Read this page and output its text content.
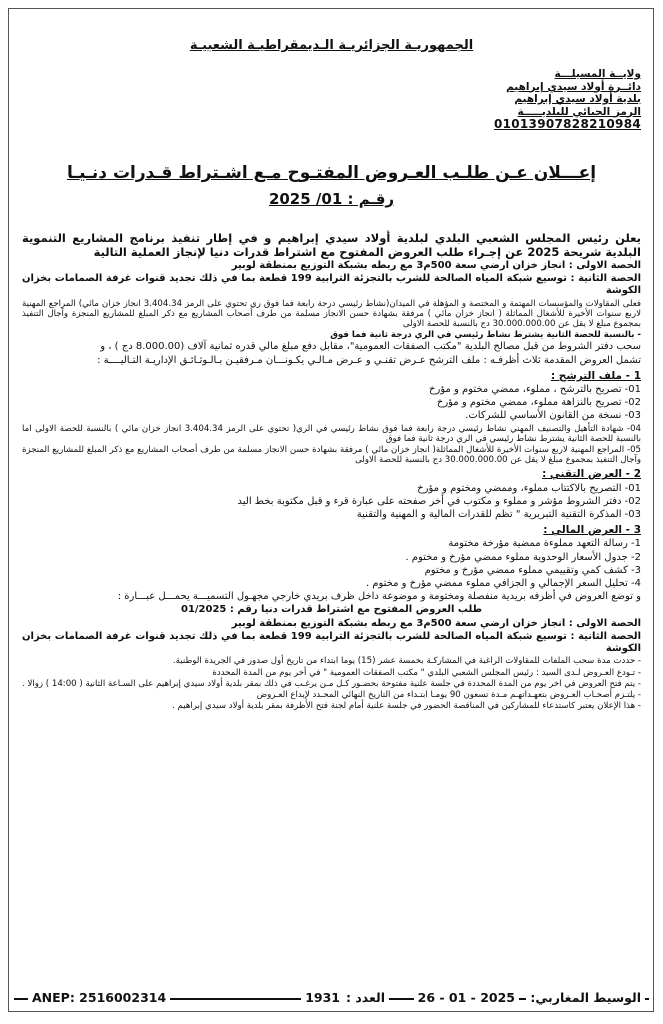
الجمهوريـة الجزائريـة الـديمقراطيـة الشعبيـة
ولايــة المسيلـــة
دائــرة أولاد سيدي إبراهيم
بلدية أولاد سيدي إبراهيم
الرمز الجبائي للبلديـــــة
01013907828210984
إعـــلان عـن طلـب العـروض المفتـوح مـع اشـتراط قـدرات دنـيـا
رقـم : 01/ 2025

يعلن رئيس المجلس الشعبي البلدي لبلدية أولاد سيدي إبراهيم و في إطار تنفيذ برنامج المشاريع التنموية البلدية شريحة 2025 عن إجـراء طلب العروض المفتوح مع اشتراط قدرات دنيا لإنجاز العملية التالية

الحصة الاولى : انجاز خزان ارضي سعة 500م3 مع ربطه بشبكة التوزيع بمنطقة لوبير

الحصة الثانية : توسيع شبكة المياه الصالحة للشرب بالتجزئة الترابية 199 قطعة بما في ذلك تجديد قنوات غرفة الصمامات بخزان الكوشة

فعلى المقاولات والمؤسسات المهتمة و المختصة و المؤهلة في الميدان(نشاط رئيسي درجة رابعة فما فوق ري تحتوي على الرمز 3.404.34 انجاز خزان مائي) المراجع المهنية لاربع سنوات الأخيرة للأشغال المماثلة ( انجاز خزان مائي ) مرفقة بشهادة حسن الانجاز مسلمة من طرف أصحاب المشاريع مع ذكر المبلغ للمشاريع المنجزة وآجال التنفيذ بمجموع مبلغ لا يقل عن 30.000.000.00 دج بالنسبة للحصة الاولى

- بالنسبة للحصة الثانية يشترط نشاط رئيسي في الري درجة ثانية فما فوق

سحب دفتر الشروط من قبل مصالح البلدية "مكتب الصفقات العمومية"، مقابل دفع مبلغ مالي قدره ثمانية آلاف (8.000.00 دج ) ، و

تشمل العروض المقدمة ثلاث أظرفـه : ملف الترشح عـرض تقنـي و عـرض مـالـي يكـونـــان مـرفقيـن بـالـوثـائـق الإداريـة التـاليــــة :

1 - ملف الترشح :

01- تصريح بالترشح ، مملوء، ممضي مختوم و مؤرخ

02- تصريح بالنزاهة مملوء، ممضي مختوم و مؤرخ

03- نسخة من القانون الأساسي للشركات.

04- شهادة التأهيل والتصنيف المهني نشاط رئيسي درجة رابعة فما فوق نشاط رئيسي في الري( تحتوي على الرمز 3.404.34 انجاز خزان مائي ) بالنسبة للحصة الاولى اما بالنسبة للحصة الثانية يشترط نشاط رئيسي في الري درجة ثانية فما فوق

05- المراجع المهنية لاربع سنوات الأخيرة للأشغال المماثلة( انجاز خزان مائي ) مرفقة بشهادة حسن الانجاز مسلمة من طرف أصحاب المشاريع مع ذكر المبلغ للمشاريع المنجزة وآجال التنفيذ بمجموع مبلغ لا يقل عن 30.000.000.00 دج بالنسبة للحصة الاولى

2 - العرض التقني :

01- التصريح بالاكتتاب مملوء، وممضي ومختوم و مؤرخ

02- دفتر الشروط مؤشر و مملوء و مكتوب في أخر صفحته على عبارة قرء و قبل مكتوبة بخط اليد

03- المذكرة التقنية التبريرية " تظم للقدرات المالية و المهنية والتقنية

3 - العرض المالي :

1- رسالة التعهد مملوءة ممضية مؤرخة مختومة

2- جدول الأسعار الوحدوية مملوء ممضي مؤرخ و مختوم .

3- كشف كمي وتقييمي مملوء ممضي مؤرخ و مختوم

4- تحليل السعر الإجمالي و الجزافي مملوء ممضي مؤرخ و مختوم .

و توضع العروض في أظرفه بريدية منفصلة ومختومة و موضوعة داخل ظرف بريدي خارجي مجهـول التسميـــة يحمـــل عبـــارة :

طلب العروض المفتوح مع اشتراط قدرات دنيا رقم : 01/2025

الحصة الاولى : انجاز خزان ارضي سعة 500م3 مع ربطه بشبكة التوزيع بمنطقة لوبير

الحصة الثانية : توسيع شبكة المياه الصالحة للشرب بالتجزئة الترابية 199 قطعة بما في ذلك تجديد قنوات غرفة الصمامات بخزان الكوشة

- حددت مدة سحب الملفات للمقاولات الراغبة في المشاركـة بخمسة عشر (15) يوما ابتداء من تاريخ أول صدور في الجريدة الوطنية.

- تـودع العـروض لـدى السيد : رئيس المجلس الشعبي البلدي " مكتب الصفقات العمومية " في أخر يوم من المدة المحددة

- يتم فتح العروض في اخر يوم من المدة المحددة في جلسة علنية مفتوحة بحضـور كـل مـن يرغـب في ذلك بمقر بلدية أولاد سيدي إبراهيم على السـاعة الثانية ( 14:00 ) زوالا .

- يلتـزم أصحـاب العـروض بتعهـداتهـم مـدة تسعون 90 يومـا ابتـداء من التاريخ النهائي المحـدد لإيداع العـروض

- هذا الإعلان يعتبر كاستدعاء للمشاركين في المناقصة الحضور في جلسة علنية أمام لجنة فتح الأظرفة بمقر بلدية أولاد سيدي إبراهيم .

الوسيط المغاربي:
26 - 01 - 2025
العدد :
1931
ANEP: 2516002314
